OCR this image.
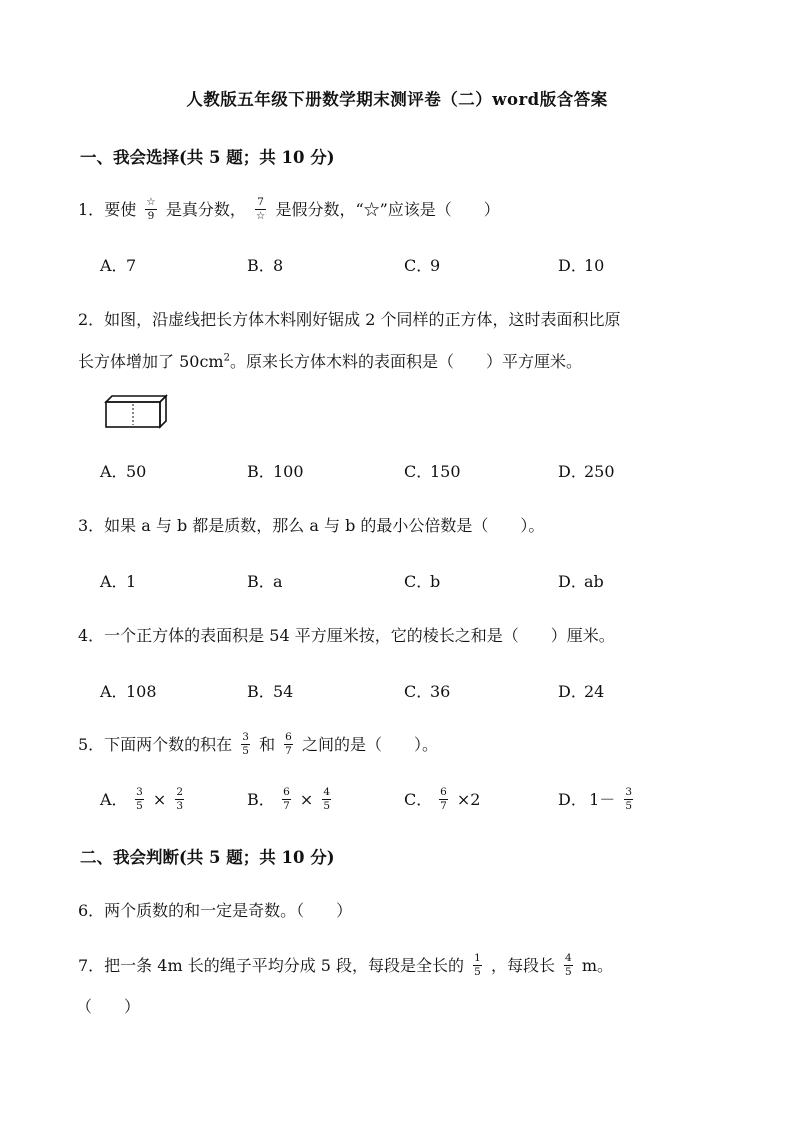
人教版五年级下册数学期末测评卷（二）word版含答案
一、我会选择(共 5 题；共 10 分)
1．要使 $\frac{☆}{9}$ 是真分数， $\frac{7}{☆}$ 是假分数，“☆”应该是（　　）
A．7	B．8	C．9	D．10
2．如图，沿虚线把长方体木料刚好锯成 2 个同样的正方体，这时表面积比原
长方体增加了 $50cm^2$。原来长方体木料的表面积是（　　）平方厘米。
A．50	B．100	C．150	D．250
3．如果 a 与 b 都是质数，那么 a 与 b 的最小公倍数是（　　）。
A．1	B．a	C．b	D．ab
4．一个正方体的表面积是 54 平方厘米按，它的棱长之和是（　　）厘米。
A．108	B．54	C．36	D．24
5．下面两个数的积在 $\frac{3}{5}$ 和 $\frac{6}{7}$ 之间的是（　　）。
A． $\frac{3}{5} \times \frac{2}{3}$	B． $\frac{6}{7} \times \frac{4}{5}$	C． $\frac{6}{7} \times 2$	D． $1- \frac{3}{5}$
二、我会判断(共 5 题；共 10 分)
6．两个质数的和一定是奇数。（　　）
7．把一条 4m 长的绳子平均分成 5 段，每段是全长的 $\frac{1}{5}$ ，每段长 $\frac{4}{5}$ m。
（　　）
